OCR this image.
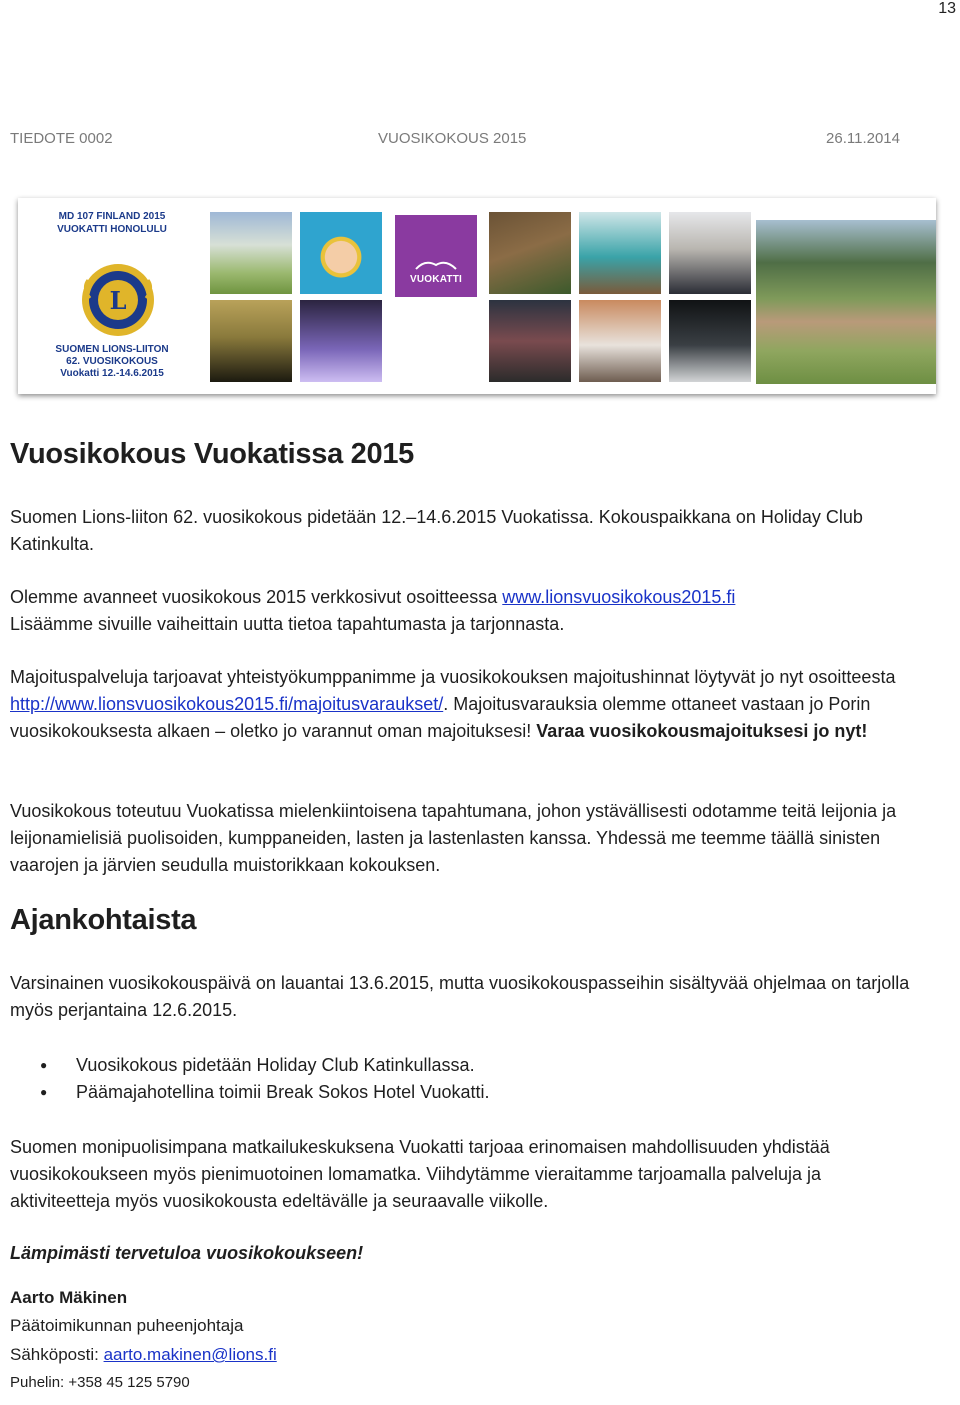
13
TIEDOTE 0002	VUOSIKOKOUS 2015	26.11.2014
MD 107 FINLAND 2015
VUOKATTI HONOLULU
L
SUOMEN LIONS-LIITON
62. VUOSIKOKOUS
Vuokatti 12.-14.6.2015
VUOKATTI
Vuosikokous Vuokatissa 2015

Suomen Lions-liiton 62. vuosikokous pidetään 12.–14.6.2015 Vuokatissa. Kokouspaikkana on Holiday Club Katinkulta.

Olemme avanneet vuosikokous 2015 verkkosivut osoitteessa www.lionsvuosikokous2015.fi
Lisäämme sivuille vaiheittain uutta tietoa tapahtumasta ja tarjonnasta.

Majoituspalveluja tarjoavat yhteistyökumppanimme ja vuosikokouksen majoitushinnat löytyvät jo nyt osoitteesta http://www.lionsvuosikokous2015.fi/majoitusvaraukset/. Majoitusvarauksia olemme ottaneet vastaan jo Porin vuosikokouksesta alkaen – oletko jo varannut oman majoituksesi! Varaa vuosikokousmajoituksesi jo nyt!

Vuosikokous toteutuu Vuokatissa mielenkiintoisena tapahtumana, johon ystävällisesti odotamme teitä leijonia ja leijonamielisiä puolisoiden, kumppaneiden, lasten ja lastenlasten kanssa. Yhdessä me teemme täällä sinisten vaarojen ja järvien seudulla muistorikkaan kokouksen.

Ajankohtaista

Varsinainen vuosikokouspäivä on lauantai 13.6.2015, mutta vuosikokouspasseihin sisältyvää ohjelmaa on tarjolla myös perjantaina 12.6.2015.

● Vuosikokous pidetään Holiday Club Katinkullassa.
● Päämajahotellina toimii Break Sokos Hotel Vuokatti.

Suomen monipuolisimpana matkailukeskuksena Vuokatti tarjoaa erinomaisen mahdollisuuden yhdistää vuosikokoukseen myös pienimuotoinen lomamatka. Viihdytämme vieraitamme tarjoamalla palveluja ja aktiviteetteja myös vuosikokousta edeltävälle ja seuraavalle viikolle.

Lämpimästi tervetuloa vuosikokoukseen!

Aarto Mäkinen
Päätoimikunnan puheenjohtaja
Sähköposti: aarto.makinen@lions.fi
Puhelin: +358 45 125 5790
